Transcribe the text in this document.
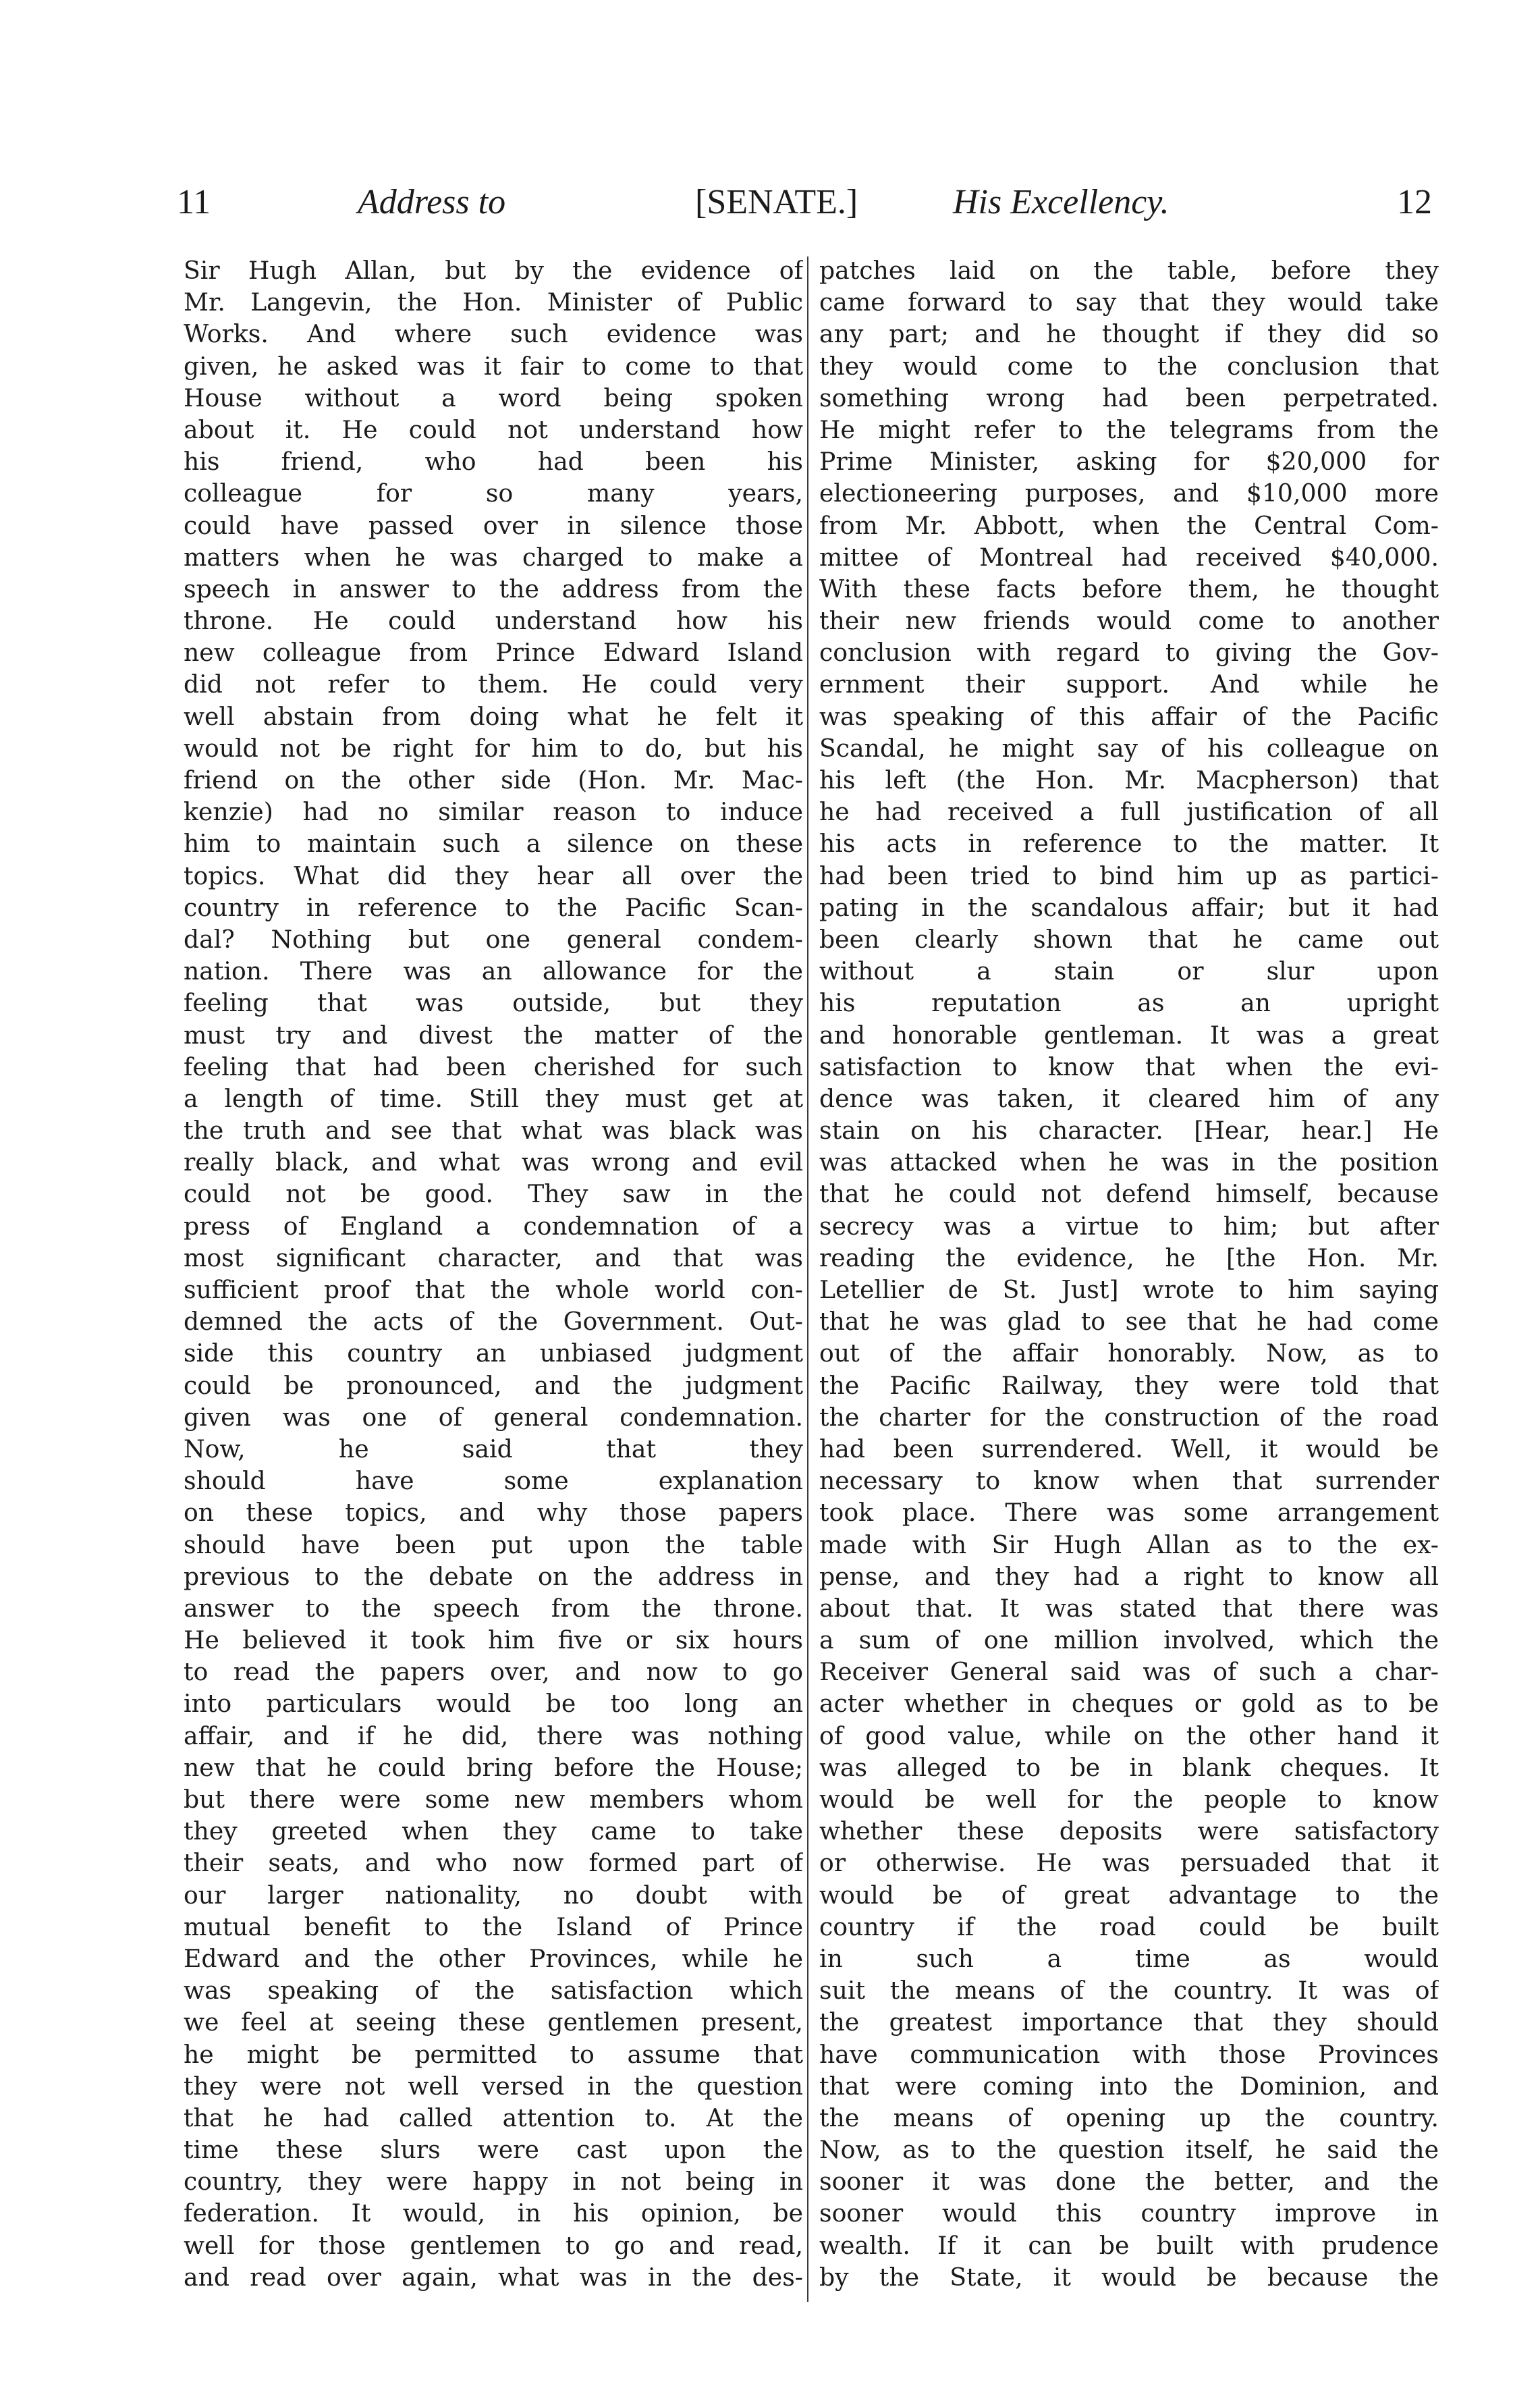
11	Address to	[SENATE.]	His Excellency.	12
Sir Hugh Allan, but by the evidence of
Mr. Langevin, the Hon. Minister of Public
Works. And where such evidence was
given, he asked was it fair to come to that
House without a word being spoken
about it. He could not understand how
his friend, who had been his
colleague for so many years,
could have passed over in silence those
matters when he was charged to make a
speech in answer to the address from the
throne. He could understand how his
new colleague from Prince Edward Island
did not refer to them. He could very
well abstain from doing what he felt it
would not be right for him to do, but his
friend on the other side (Hon. Mr. Mac-
kenzie) had no similar reason to induce
him to maintain such a silence on these
topics. What did they hear all over the
country in reference to the Pacific Scan-
dal? Nothing but one general condem-
nation. There was an allowance for the
feeling that was outside, but they
must try and divest the matter of the
feeling that had been cherished for such
a length of time. Still they must get at
the truth and see that what was black was
really black, and what was wrong and evil
could not be good. They saw in the
press of England a condemnation of a
most significant character, and that was
sufficient proof that the whole world con-
demned the acts of the Government. Out-
side this country an unbiased judgment
could be pronounced, and the judgment
given was one of general condemnation.
Now, he said that they
should have some explanation
on these topics, and why those papers
should have been put upon the table
previous to the debate on the address in
answer to the speech from the throne.
He believed it took him five or six hours
to read the papers over, and now to go
into particulars would be too long an
affair, and if he did, there was nothing
new that he could bring before the House;
but there were some new members whom
they greeted when they came to take
their seats, and who now formed part of
our larger nationality, no doubt with
mutual benefit to the Island of Prince
Edward and the other Provinces, while he
was speaking of the satisfaction which
we feel at seeing these gentlemen present,
he might be permitted to assume that
they were not well versed in the question
that he had called attention to. At the
time these slurs were cast upon the
country, they were happy in not being in
federation. It would, in his opinion, be
well for those gentlemen to go and read,
and read over again, what was in the des-
patches laid on the table, before they
came forward to say that they would take
any part; and he thought if they did so
they would come to the conclusion that
something wrong had been perpetrated.
He might refer to the telegrams from the
Prime Minister, asking for $20,000 for
electioneering purposes, and $10,000 more
from Mr. Abbott, when the Central Com-
mittee of Montreal had received $40,000.
With these facts before them, he thought
their new friends would come to another
conclusion with regard to giving the Gov-
ernment their support. And while he
was speaking of this affair of the Pacific
Scandal, he might say of his colleague on
his left (the Hon. Mr. Macpherson) that
he had received a full justification of all
his acts in reference to the matter. It
had been tried to bind him up as partici-
pating in the scandalous affair; but it had
been clearly shown that he came out
without a stain or slur upon
his reputation as an upright
and honorable gentleman. It was a great
satisfaction to know that when the evi-
dence was taken, it cleared him of any
stain on his character. [Hear, hear.] He
was attacked when he was in the position
that he could not defend himself, because
secrecy was a virtue to him; but after
reading the evidence, he [the Hon. Mr.
Letellier de St. Just] wrote to him saying
that he was glad to see that he had come
out of the affair honorably. Now, as to
the Pacific Railway, they were told that
the charter for the construction of the road
had been surrendered. Well, it would be
necessary to know when that surrender
took place. There was some arrangement
made with Sir Hugh Allan as to the ex-
pense, and they had a right to know all
about that. It was stated that there was
a sum of one million involved, which the
Receiver General said was of such a char-
acter whether in cheques or gold as to be
of good value, while on the other hand it
was alleged to be in blank cheques. It
would be well for the people to know
whether these deposits were satisfactory
or otherwise. He was persuaded that it
would be of great advantage to the
country if the road could be built
in such a time as would
suit the means of the country. It was of
the greatest importance that they should
have communication with those Provinces
that were coming into the Dominion, and
the means of opening up the country.
Now, as to the question itself, he said the
sooner it was done the better, and the
sooner would this country improve in
wealth. If it can be built with prudence
by the State, it would be because the
